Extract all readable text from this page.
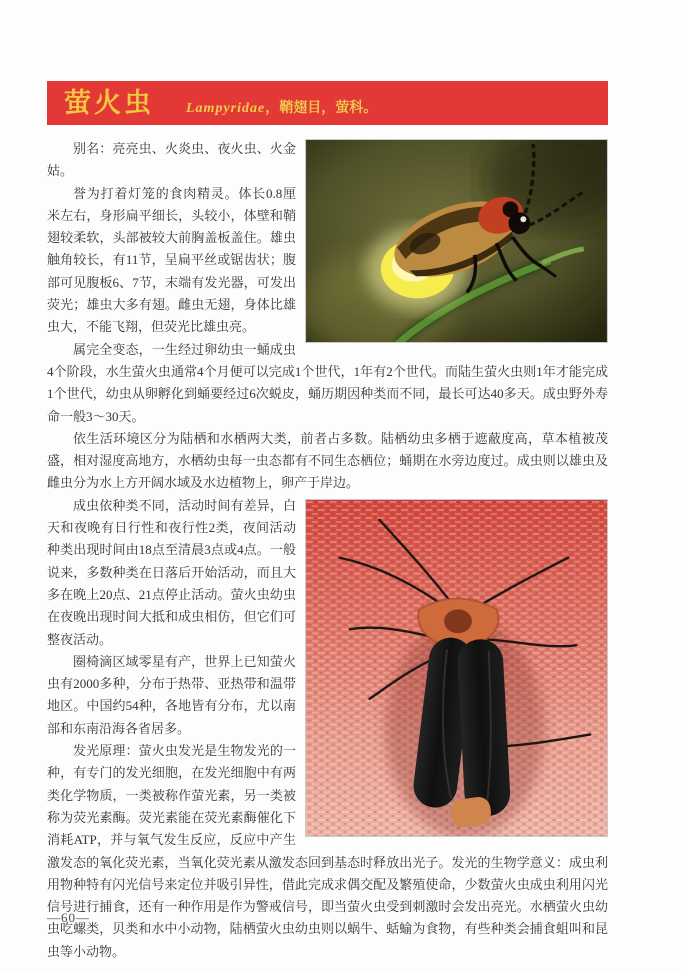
萤火虫 Lampyridae，鞘翅目，萤科。

别名：亮亮虫、火炎虫、夜火虫、火金姑。

誉为打着灯笼的食肉精灵。体长0.8厘米左右，身形扁平细长，头较小，体壁和鞘翅较柔软，头部被较大前胸盖板盖住。雄虫触角较长，有11节，呈扁平丝或锯齿状；腹部可见腹板6、7节，末端有发光器，可发出荧光；雄虫大多有翅。雌虫无翅，身体比雄虫大，不能飞翔，但荧光比雄虫亮。

属完全变态，一生经过卵幼虫一蛹成虫4个阶段，水生萤火虫通常4个月便可以完成1个世代，1年有2个世代。而陆生萤火虫则1年才能完成1个世代，幼虫从卵孵化到蛹要经过6次蜕皮，蛹历期因种类而不同，最长可达40多天。成虫野外寿命一般3～30天。

依生活环境区分为陆栖和水栖两大类，前者占多数。陆栖幼虫多栖于遮蔽度高，草本植被茂盛，相对湿度高地方，水栖幼虫每一虫态都有不同生态栖位；蛹期在水旁边度过。成虫则以雄虫及雌虫分为水上方开阔水域及水边植物上，卵产于岸边。

成虫依种类不同，活动时间有差异，白天和夜晚有日行性和夜行性2类，夜间活动种类出现时间由18点至清晨3点或4点。一般说来，多数种类在日落后开始活动，而且大多在晚上20点、21点停止活动。萤火虫幼虫在夜晚出现时间大抵和成虫相仿，但它们可整夜活动。

圈椅滴区域零星有产，世界上已知萤火虫有2000多种，分布于热带、亚热带和温带地区。中国约54种，各地皆有分布，尤以南部和东南沿海各省居多。

发光原理：萤火虫发光是生物发光的一种，有专门的发光细胞，在发光细胞中有两类化学物质，一类被称作萤光素，另一类被称为荧光素酶。荧光素能在荧光素酶催化下消耗ATP，并与氧气发生反应，反应中产生激发态的氧化荧光素，当氧化荧光素从激发态回到基态时释放出光子。发光的生物学意义：成虫利用物种特有闪光信号来定位并吸引异性，借此完成求偶交配及繁殖使命，少数萤火虫成虫利用闪光信号进行捕食，还有一种作用是作为警戒信号，即当萤火虫受到刺激时会发出亮光。水栖萤火虫幼虫吃螺类，贝类和水中小动物，陆栖萤火虫幼虫则以蜗牛、蛞蝓为食物，有些种类会捕食蛆叫和昆虫等小动物。

—60—
